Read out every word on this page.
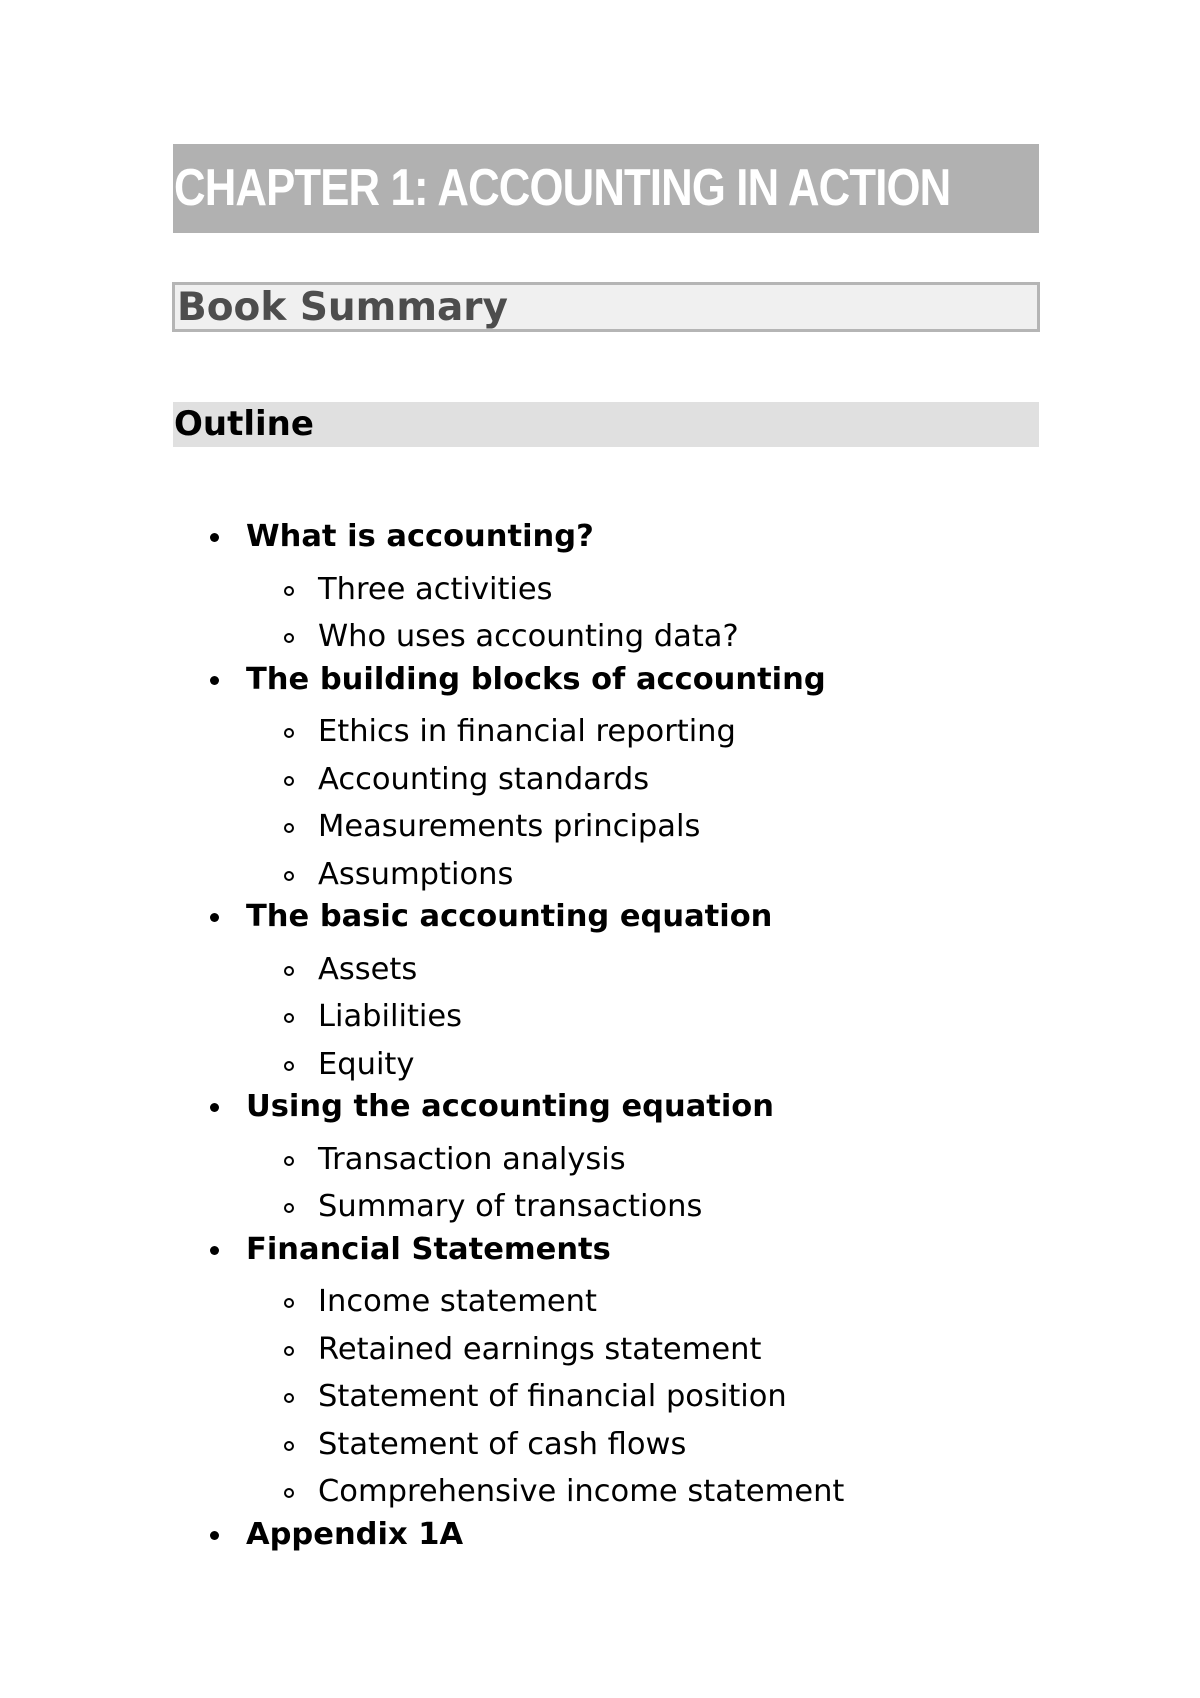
CHAPTER 1: ACCOUNTING IN ACTION
Book Summary
Outline
What is accounting?
Three activities
Who uses accounting data?
The building blocks of accounting
Ethics in financial reporting
Accounting standards
Measurements principals
Assumptions
The basic accounting equation
Assets
Liabilities
Equity
Using the accounting equation
Transaction analysis
Summary of transactions
Financial Statements
Income statement
Retained earnings statement
Statement of financial position
Statement of cash flows
Comprehensive income statement
Appendix 1A
